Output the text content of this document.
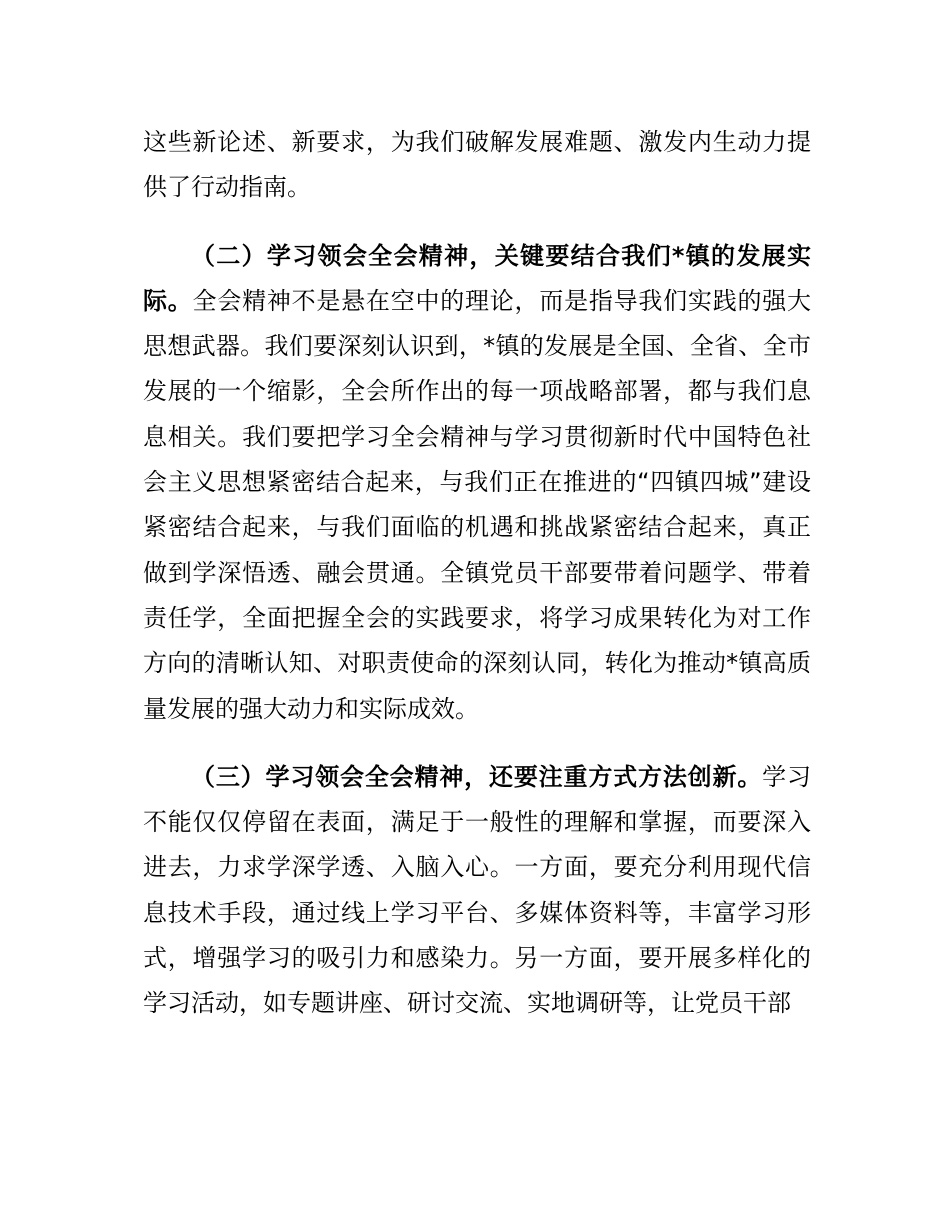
这些新论述、新要求，为我们破解发展难题、激发内生动力提供了行动指南。

（二）学习领会全会精神，关键要结合我们*镇的发展实际。全会精神不是悬在空中的理论，而是指导我们实践的强大思想武器。我们要深刻认识到，*镇的发展是全国、全省、全市发展的一个缩影，全会所作出的每一项战略部署，都与我们息息相关。我们要把学习全会精神与学习贯彻新时代中国特色社会主义思想紧密结合起来，与我们正在推进的“四镇四城”建设紧密结合起来，与我们面临的机遇和挑战紧密结合起来，真正做到学深悟透、融会贯通。全镇党员干部要带着问题学、带着责任学，全面把握全会的实践要求，将学习成果转化为对工作方向的清晰认知、对职责使命的深刻认同，转化为推动*镇高质量发展的强大动力和实际成效。

（三）学习领会全会精神，还要注重方式方法创新。学习不能仅仅停留在表面，满足于一般性的理解和掌握，而要深入进去，力求学深学透、入脑入心。一方面，要充分利用现代信息技术手段，通过线上学习平台、多媒体资料等，丰富学习形式，增强学习的吸引力和感染力。另一方面，要开展多样化的学习活动，如专题讲座、研讨交流、实地调研等，让党员干部
